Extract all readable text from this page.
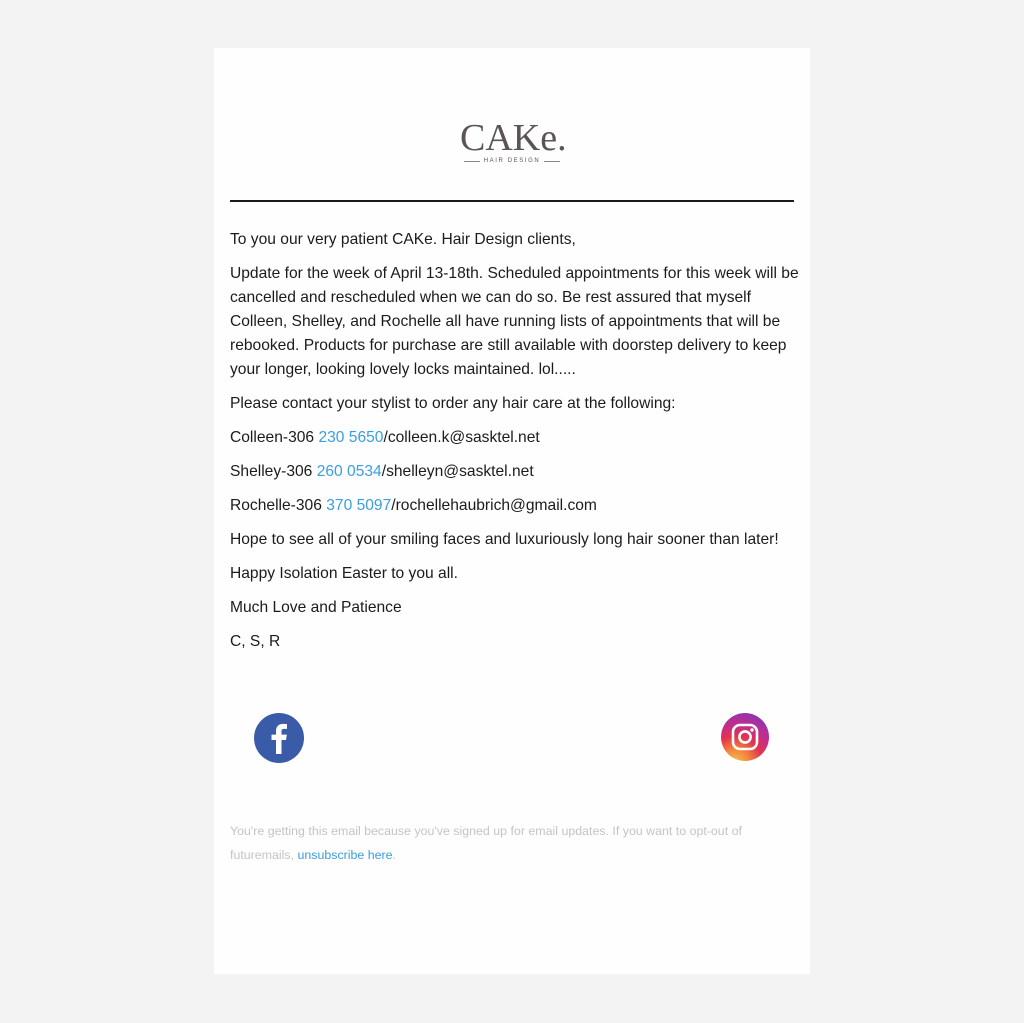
CAKe.
HAIR DESIGN

To you our very patient CAKe. Hair Design clients,

Update for the week of April 13-18th. Scheduled appointments for this week will be cancelled and rescheduled when we can do so. Be rest assured that myself Colleen, Shelley, and Rochelle all have running lists of appointments that will be rebooked. Products for purchase are still available with doorstep delivery to keep your longer, looking lovely locks maintained. lol.....

Please contact your stylist to order any hair care at the following:

Colleen-306 230 5650/colleen.k@sasktel.net

Shelley-306 260 0534/shelleyn@sasktel.net

Rochelle-306 370 5097/rochellehaubrich@gmail.com

Hope to see all of your smiling faces and luxuriously long hair sooner than later!

Happy Isolation Easter to you all.

Much Love and Patience

C, S, R

You're getting this email because you've signed up for email updates. If you want to opt-out of futuremails, unsubscribe here.
